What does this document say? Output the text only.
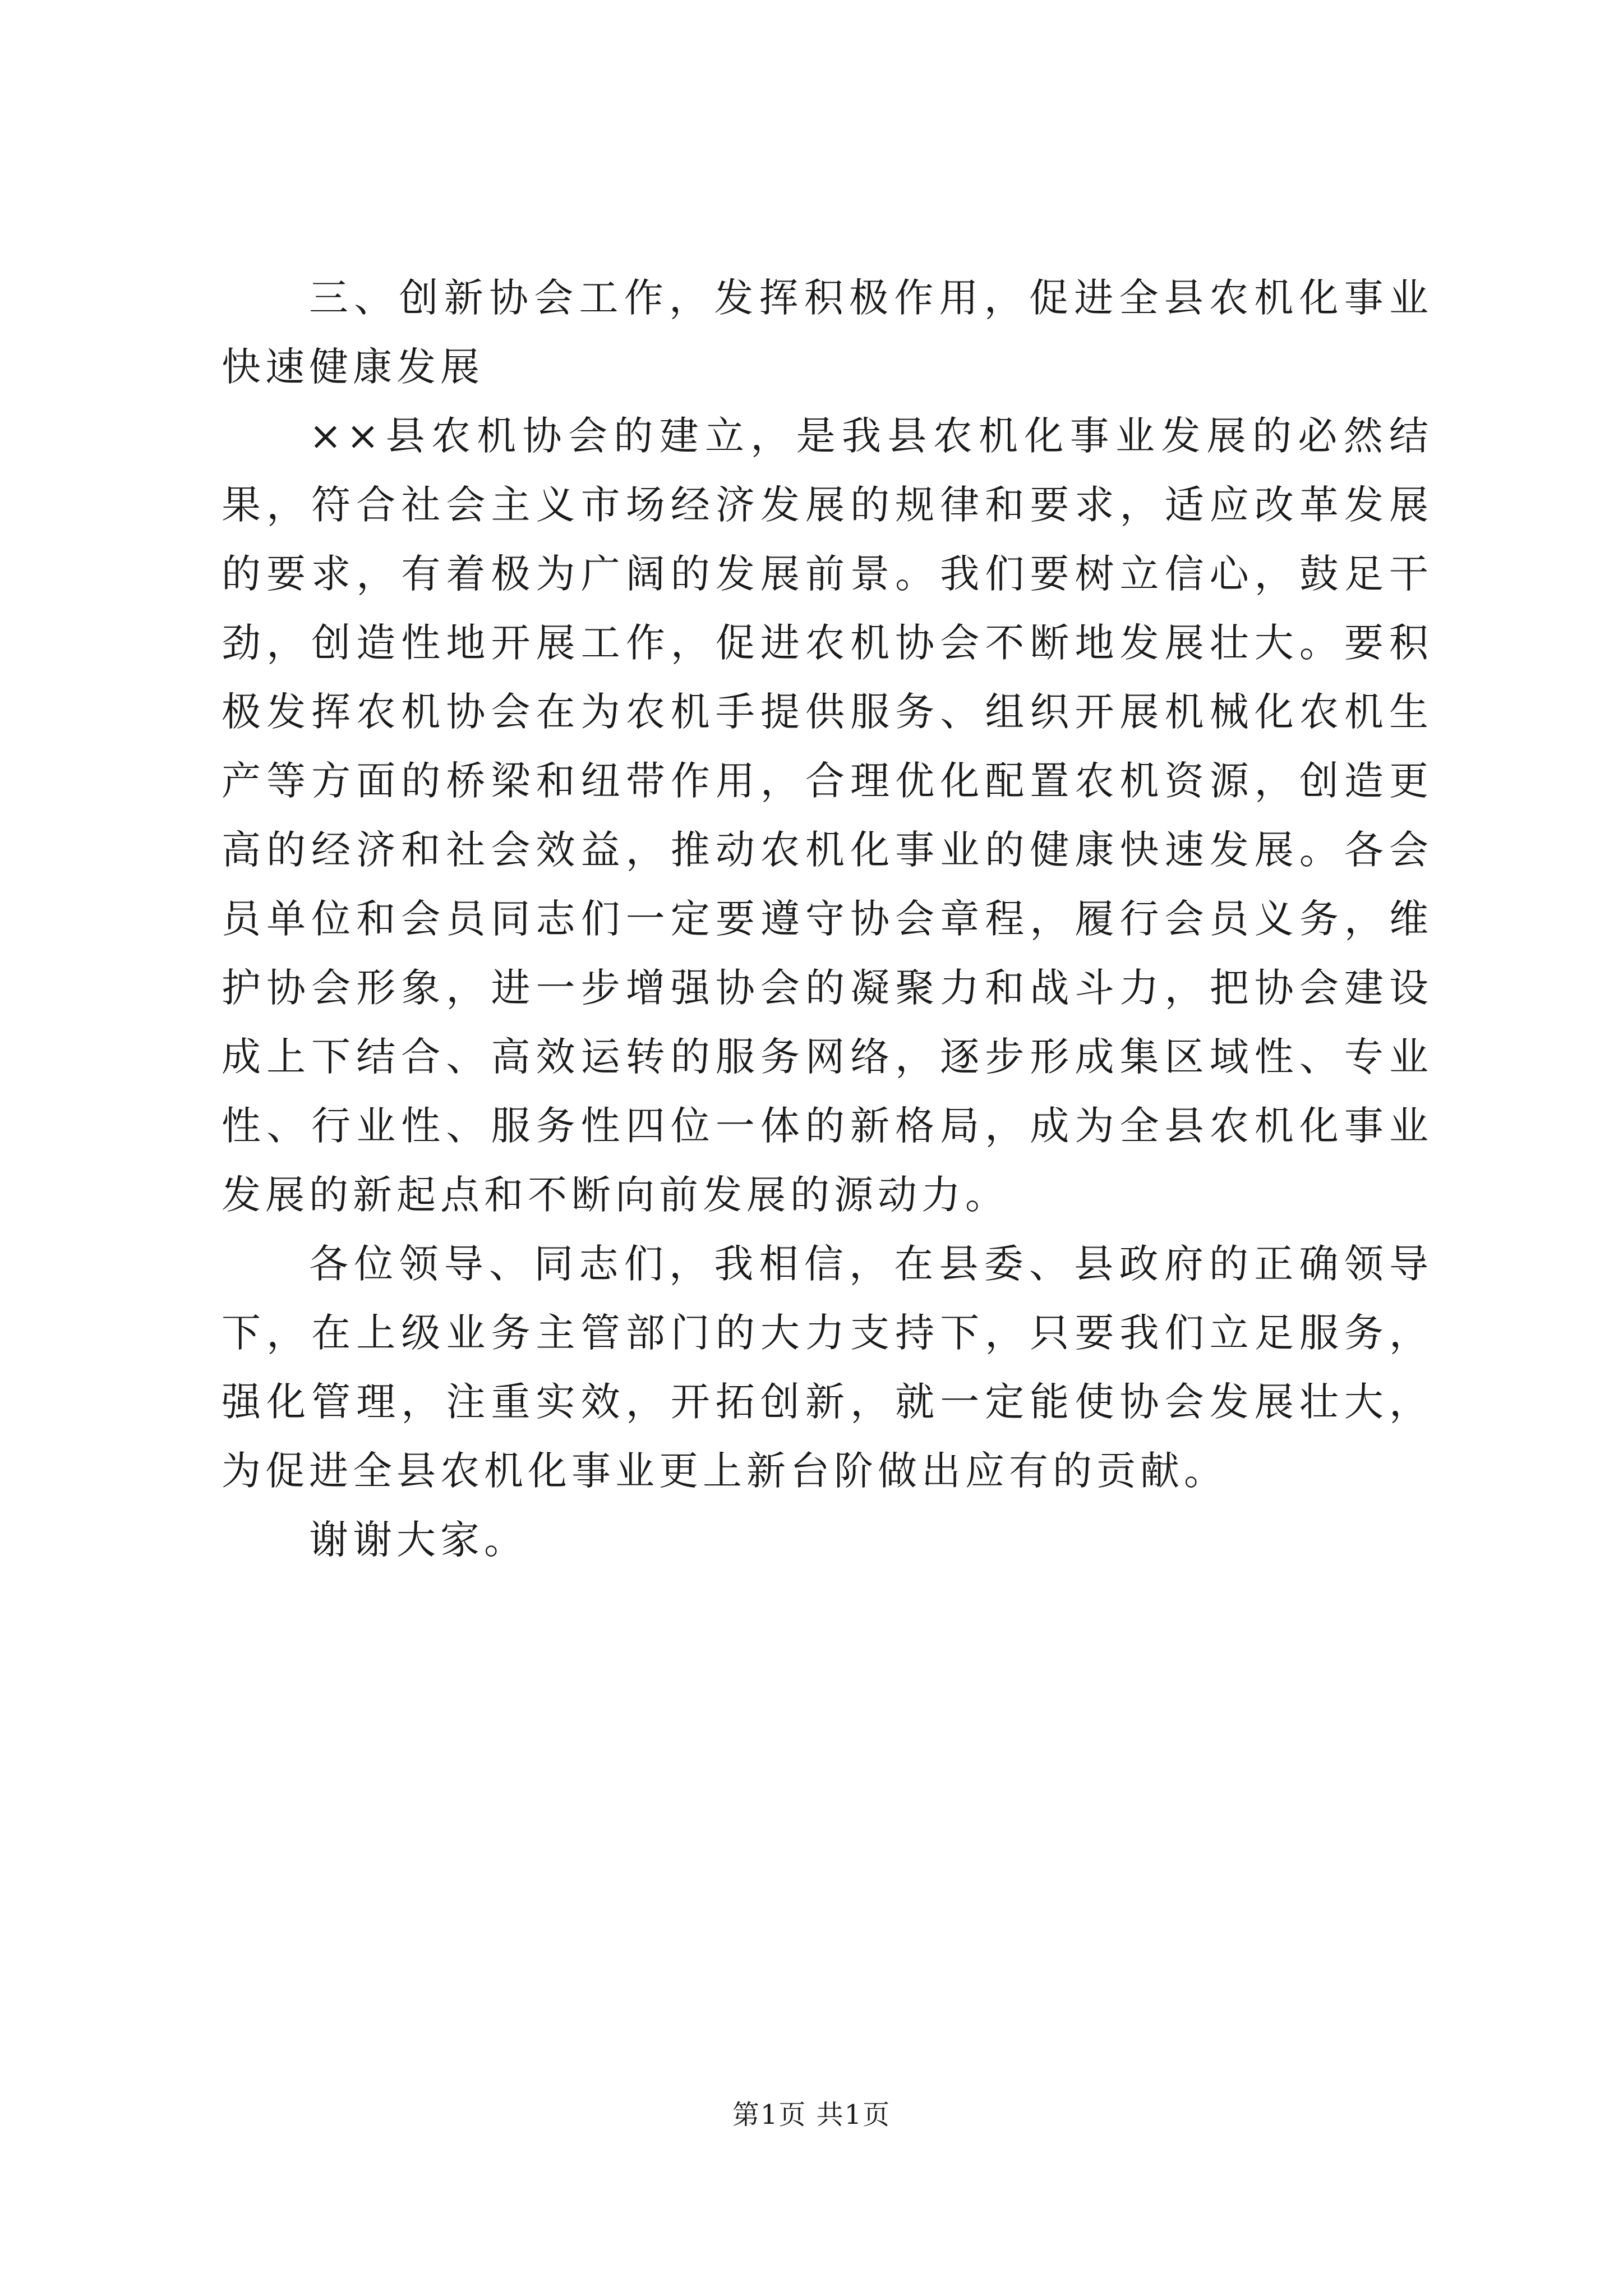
三、创新协会工作，发挥积极作用，促进全县农机化事业快速健康发展

××县农机协会的建立，是我县农机化事业发展的必然结果，符合社会主义市场经济发展的规律和要求，适应改革发展的要求，有着极为广阔的发展前景。我们要树立信心，鼓足干劲，创造性地开展工作，促进农机协会不断地发展壮大。要积极发挥农机协会在为农机手提供服务、组织开展机械化农机生产等方面的桥梁和纽带作用，合理优化配置农机资源，创造更高的经济和社会效益，推动农机化事业的健康快速发展。各会员单位和会员同志们一定要遵守协会章程，履行会员义务，维护协会形象，进一步增强协会的凝聚力和战斗力，把协会建设成上下结合、高效运转的服务网络，逐步形成集区域性、专业性、行业性、服务性四位一体的新格局，成为全县农机化事业发展的新起点和不断向前发展的源动力。

各位领导、同志们，我相信，在县委、县政府的正确领导下，在上级业务主管部门的大力支持下，只要我们立足服务，强化管理，注重实效，开拓创新，就一定能使协会发展壮大，为促进全县农机化事业更上新台阶做出应有的贡献。

谢谢大家。

第1页 共1页
